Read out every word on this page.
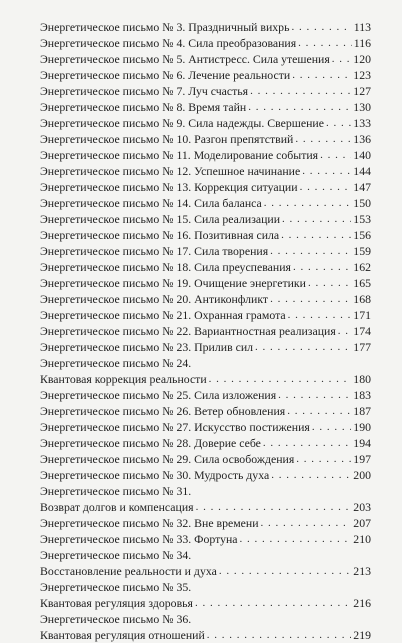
Энергетическое письмо № 3. Праздничный вихрь . . .	113
Энергетическое письмо № 4. Сила преобразования . . .	116
Энергетическое письмо № 5. Антистресс. Сила утешения . . . 120
Энергетическое письмо № 6. Лечение реальности . . .	123
Энергетическое письмо № 7. Луч счастья . . .	127
Энергетическое письмо № 8. Время тайн . . .	130
Энергетическое письмо № 9. Сила надежды. Свершение . . . 133
Энергетическое письмо № 10. Разгон препятствий . . .	136
Энергетическое письмо № 11. Моделирование события . . .	140
Энергетическое письмо № 12. Успешное начинание . . .	144
Энергетическое письмо № 13. Коррекция ситуации . . .	147
Энергетическое письмо № 14. Сила баланса . . .	150
Энергетическое письмо № 15. Сила реализации . . .	153
Энергетическое письмо № 16. Позитивная сила . . .	156
Энергетическое письмо № 17. Сила творения . . .	159
Энергетическое письмо № 18. Сила преуспевания . . .	162
Энергетическое письмо № 19. Очищение энергетики . . .	165
Энергетическое письмо № 20. Антиконфликт . . .	168
Энергетическое письмо № 21. Охранная грамота . . .	171
Энергетическое письмо № 22. Вариантностная реализация . . . 174
Энергетическое письмо № 23. Прилив сил . . .	177
Энергетическое письмо № 24.
Квантовая коррекция реальности . . .	180
Энергетическое письмо № 25. Сила изложения . . .	183
Энергетическое письмо № 26. Ветер обновления . . .	187
Энергетическое письмо № 27. Искусство постижения . . .	190
Энергетическое письмо № 28. Доверие себе . . .	194
Энергетическое письмо № 29. Сила освобождения . . .	197
Энергетическое письмо № 30. Мудрость духа . . .	200
Энергетическое письмо № 31.
Возврат долгов и компенсация . . .	203
Энергетическое письмо № 32. Вне времени . . .	207
Энергетическое письмо № 33. Фортуна . . .	210
Энергетическое письмо № 34.
Восстановление реальности и духа . . .	213
Энергетическое письмо № 35.
Квантовая регуляция здоровья . . .	216
Энергетическое письмо № 36.
Квантовая регуляция отношений . . .	219
